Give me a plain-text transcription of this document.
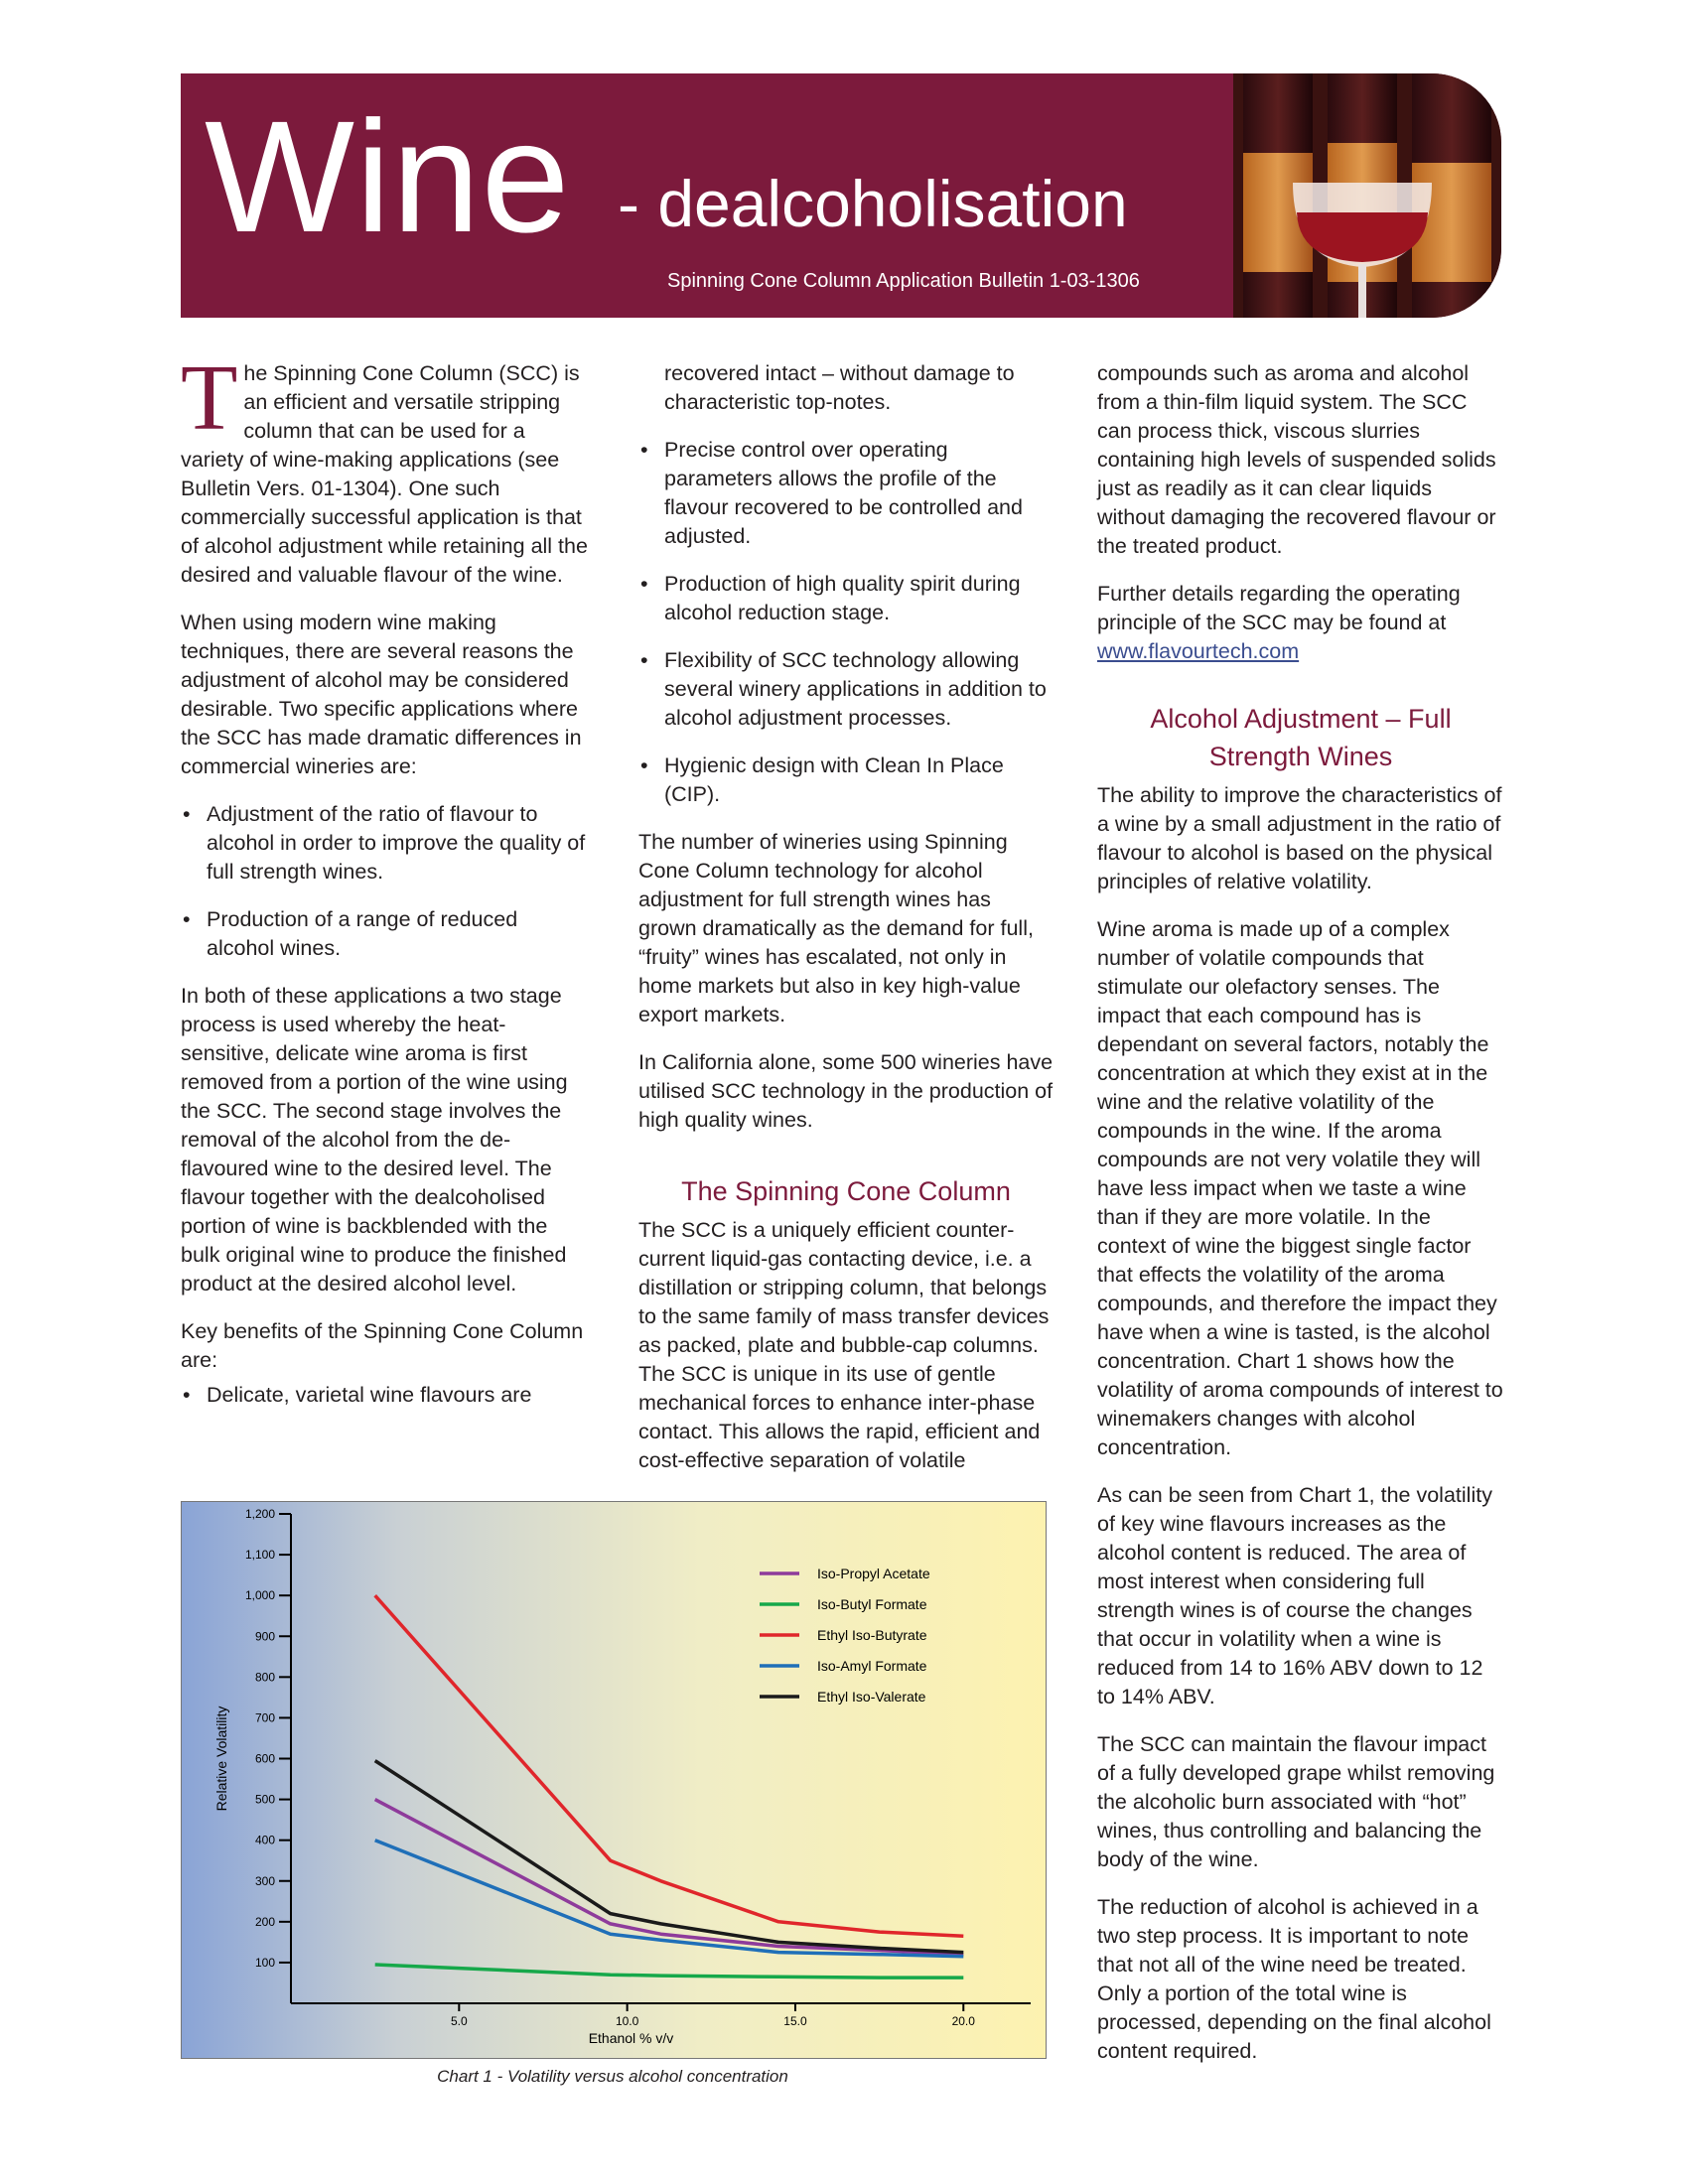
Wine - dealcoholisation
Spinning Cone Column Application Bulletin 1-03-1306

The Spinning Cone Column (SCC) is an efficient and versatile stripping column that can be used for a variety of wine-making applications (see Bulletin Vers. 01-1304). One such commercially successful application is that of alcohol adjustment while retaining all the desired and valuable flavour of the wine.

When using modern wine making techniques, there are several reasons the adjustment of alcohol may be considered desirable. Two specific applications where the SCC has made dramatic differences in commercial wineries are:

• Adjustment of the ratio of flavour to alcohol in order to improve the quality of full strength wines.
• Production of a range of reduced alcohol wines.

In both of these applications a two stage process is used whereby the heat-sensitive, delicate wine aroma is first removed from a portion of the wine using the SCC. The second stage involves the removal of the alcohol from the de-flavoured wine to the desired level. The flavour together with the dealcoholised portion of wine is backblended with the bulk original wine to produce the finished product at the desired alcohol level.

Key benefits of the Spinning Cone Column are:

• Delicate, varietal wine flavours are
recovered intact – without damage to characteristic top-notes.
• Precise control over operating parameters allows the profile of the flavour recovered to be controlled and adjusted.
• Production of high quality spirit during alcohol reduction stage.
• Flexibility of SCC technology allowing several winery applications in addition to alcohol adjustment processes.
• Hygienic design with Clean In Place (CIP).

The number of wineries using Spinning Cone Column technology for alcohol adjustment for full strength wines has grown dramatically as the demand for full, “fruity” wines has escalated, not only in home markets but also in key high-value export markets.

In California alone, some 500 wineries have utilised SCC technology in the production of high quality wines.

The Spinning Cone Column

The SCC is a uniquely efficient counter-current liquid-gas contacting device, i.e. a distillation or stripping column, that belongs to the same family of mass transfer devices as packed, plate and bubble-cap columns. The SCC is unique in its use of gentle mechanical forces to enhance inter-phase contact. This allows the rapid, efficient and cost-effective separation of volatile

compounds such as aroma and alcohol from a thin-film liquid system. The SCC can process thick, viscous slurries containing high levels of suspended solids just as readily as it can clear liquids without damaging the recovered flavour or the treated product.

Further details regarding the operating principle of the SCC may be found at www.flavourtech.com

Alcohol Adjustment – Full Strength Wines

The ability to improve the characteristics of a wine by a small adjustment in the ratio of flavour to alcohol is based on the physical principles of relative volatility.

Wine aroma is made up of a complex number of volatile compounds that stimulate our olefactory senses. The impact that each compound has is dependant on several factors, notably the concentration at which they exist at in the wine and the relative volatility of the compounds in the wine. If the aroma compounds are not very volatile they will have less impact when we taste a wine than if they are more volatile. In the context of wine the biggest single factor that effects the volatility of the aroma compounds, and therefore the impact they have when a wine is tasted, is the alcohol concentration. Chart 1 shows how the volatility of aroma compounds of interest to winemakers changes with alcohol concentration.

As can be seen from Chart 1, the volatility of key wine flavours increases as the alcohol content is reduced. The area of most interest when considering full strength wines is of course the changes that occur in volatility when a wine is reduced from 14 to 16% ABV down to 12 to 14% ABV.

The SCC can maintain the flavour impact of a fully developed grape whilst removing the alcoholic burn associated with “hot” wines, thus controlling and balancing the body of the wine.

The reduction of alcohol is achieved in a two step process. It is important to note that not all of the wine need be treated. Only a portion of the total wine is processed, depending on the final alcohol content required.

100
200
300
400
500
600
700
800
900
1,000
1,100
1,200
5.0	10.0	15.0	20.0
Ethanol % v/v
Relative Volatility
Iso-Propyl Acetate
Iso-Butyl Formate
Ethyl Iso-Butyrate
Iso-Amyl Formate
Ethyl Iso-Valerate
Chart 1 - Volatility versus alcohol concentration
